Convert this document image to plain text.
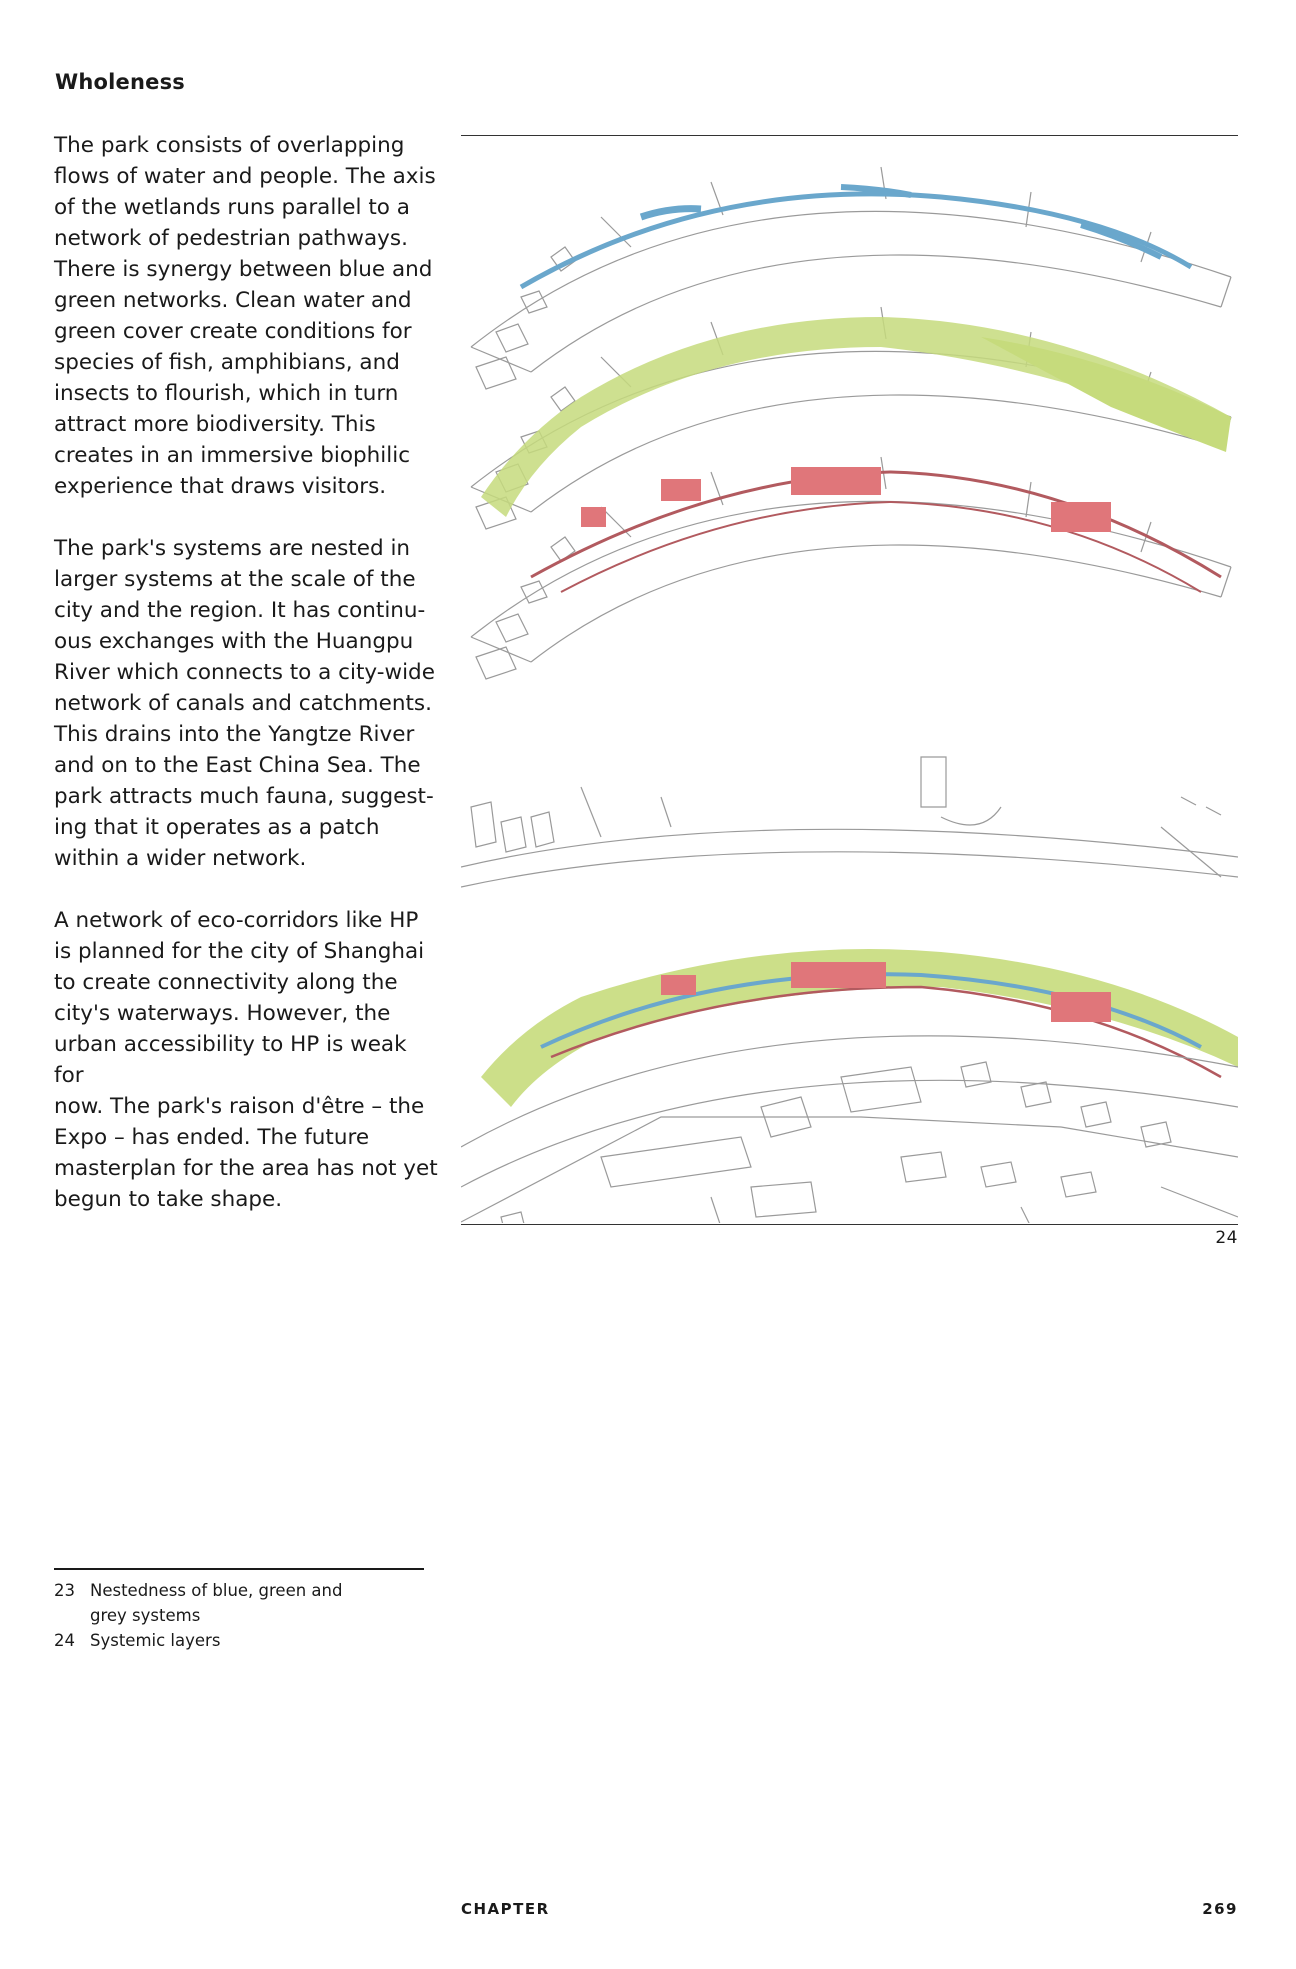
Wholeness

The park consists of overlapping
flows of water and people. The axis
of the wetlands runs parallel to a
network of pedestrian pathways.
There is synergy between blue and
green networks. Clean water and
green cover create conditions for
species of fish, amphibians, and
insects to flourish, which in turn
attract more biodiversity. This
creates in an immersive biophilic
experience that draws visitors.

The park's systems are nested in
larger systems at the scale of the
city and the region. It has continu-
ous exchanges with the Huangpu
River which connects to a city-wide
network of canals and catchments.
This drains into the Yangtze River
and on to the East China Sea. The
park attracts much fauna, suggest-
ing that it operates as a patch
within a wider network.

A network of eco-corridors like HP
is planned for the city of Shanghai
to create connectivity along the
city's waterways. However, the
urban accessibility to HP is weak for
now. The park's raison d'être – the
Expo – has ended. The future
masterplan for the area has not yet
begun to take shape.

24
23 Nestedness of blue, green and
grey systems
24 Systemic layers
CHAPTER	269
